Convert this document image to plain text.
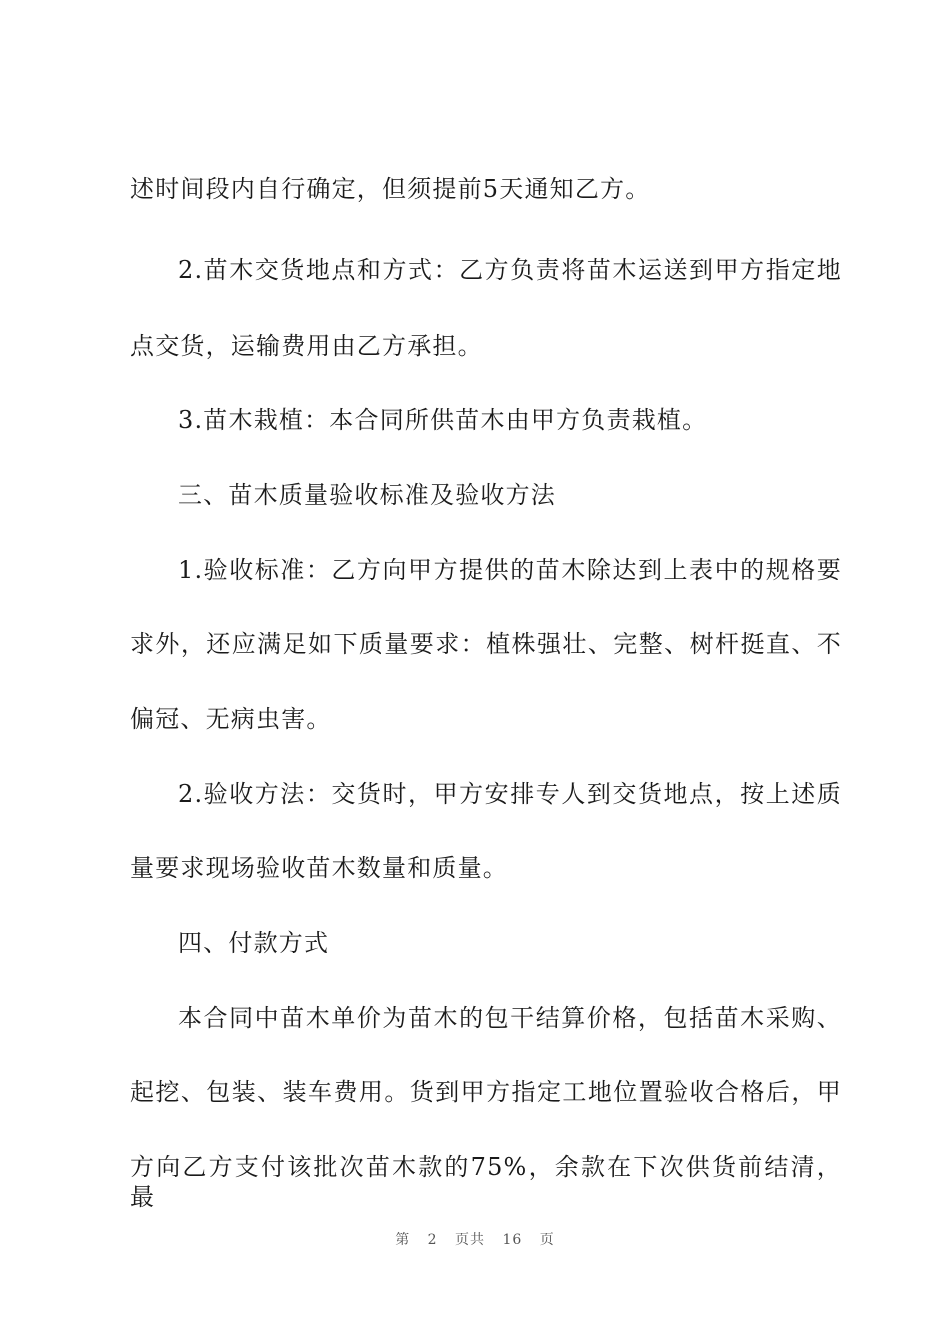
述时间段内自行确定，但须提前5天通知乙方。
2.苗木交货地点和方式：乙方负责将苗木运送到甲方指定地
点交货，运输费用由乙方承担。
3.苗木栽植：本合同所供苗木由甲方负责栽植。
三、苗木质量验收标准及验收方法
1.验收标准：乙方向甲方提供的苗木除达到上表中的规格要
求外，还应满足如下质量要求：植株强壮、完整、树杆挺直、不
偏冠、无病虫害。
2.验收方法：交货时，甲方安排专人到交货地点，按上述质
量要求现场验收苗木数量和质量。
四、付款方式
本合同中苗木单价为苗木的包干结算价格，包括苗木采购、
起挖、包装、装车费用。货到甲方指定工地位置验收合格后，甲
方向乙方支付该批次苗木款的75%，余款在下次供货前结清，最
第 2 页共 16 页
